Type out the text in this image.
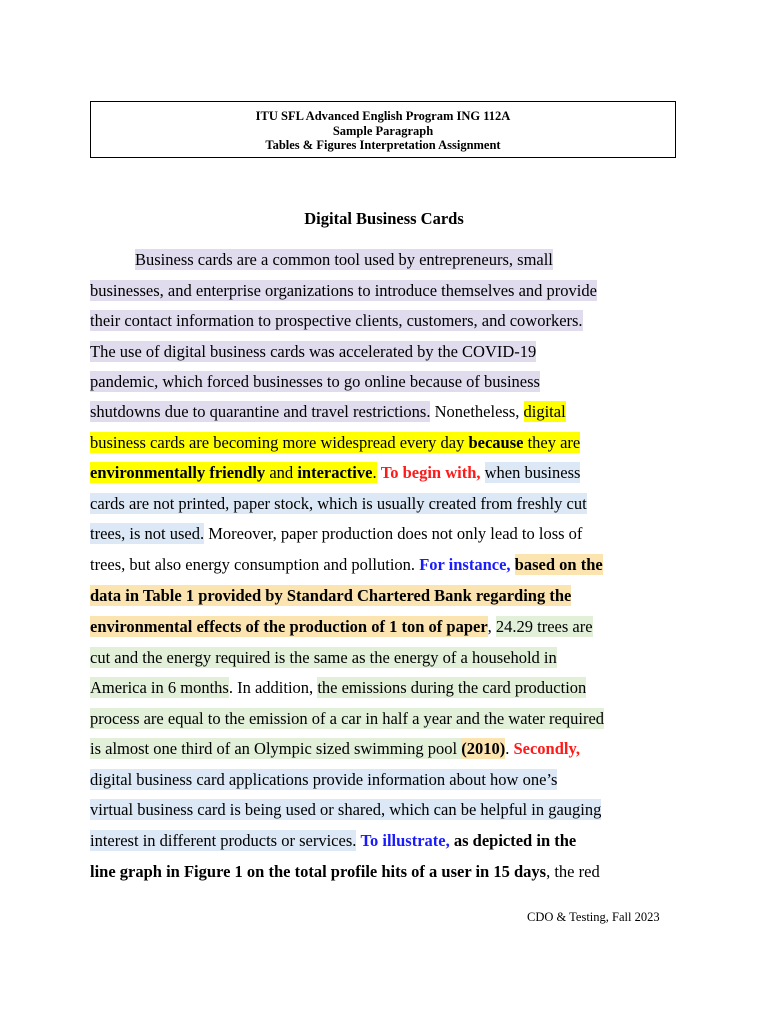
ITU SFL Advanced English Program ING 112A
Sample Paragraph
Tables & Figures Interpretation Assignment
Digital Business Cards
Business cards are a common tool used by entrepreneurs, small
businesses, and enterprise organizations to introduce themselves and provide
their contact information to prospective clients, customers, and coworkers.
The use of digital business cards was accelerated by the COVID-19
pandemic, which forced businesses to go online because of business
shutdowns due to quarantine and travel restrictions. Nonetheless, digital
business cards are becoming more widespread every day because they are
environmentally friendly and interactive. To begin with, when business
cards are not printed, paper stock, which is usually created from freshly cut
trees, is not used. Moreover, paper production does not only lead to loss of
trees, but also energy consumption and pollution. For instance, based on the
data in Table 1 provided by Standard Chartered Bank regarding the
environmental effects of the production of 1 ton of paper, 24.29 trees are
cut and the energy required is the same as the energy of a household in
America in 6 months. In addition, the emissions during the card production
process are equal to the emission of a car in half a year and the water required
is almost one third of an Olympic sized swimming pool (2010). Secondly,
digital business card applications provide information about how one’s
virtual business card is being used or shared, which can be helpful in gauging
interest in different products or services. To illustrate, as depicted in the
line graph in Figure 1 on the total profile hits of a user in 15 days, the red
CDO & Testing, Fall 2023
